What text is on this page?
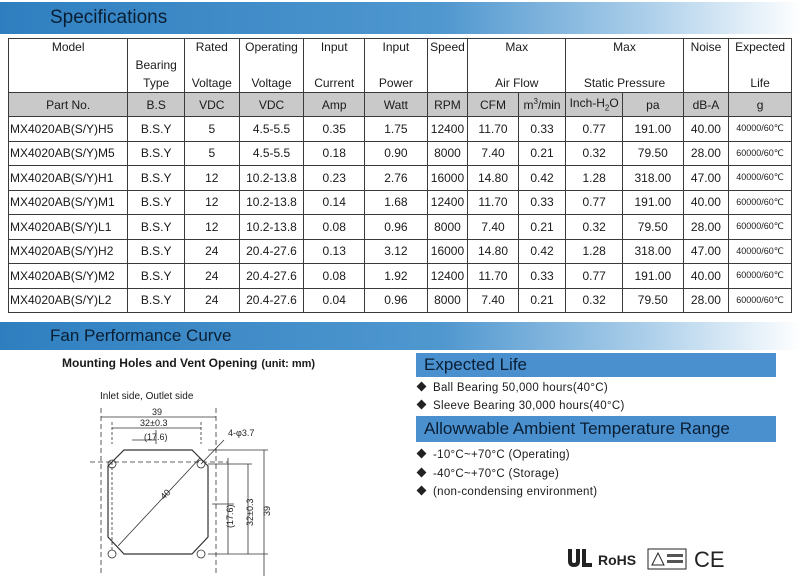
Specifications
Model		Rated	Operating	Input	Input	Speed	Max		Max		Noise	Expected
	Bearing											
	Type	Voltage	Voltage	Current	Power		Air Flow		Static Pressure			Life
Part No.	B.S	VDC	VDC	Amp	Watt	RPM	CFM	$m^3/\min$	Inch-$H_2O$	pa	dB-A	g
MX4020AB(S/Y)H5	B.S.Y	5	4.5-5.5	0.35	1.75	12400	11.70	0.33	0.77	191.00	40.00	40000/60℃
MX4020AB(S/Y)M5	B.S.Y	5	4.5-5.5	0.18	0.90	8000	7.40	0.21	0.32	79.50	28.00	60000/60℃
MX4020AB(S/Y)H1	B.S.Y	12	10.2-13.8	0.23	2.76	16000	14.80	0.42	1.28	318.00	47.00	40000/60℃
MX4020AB(S/Y)M1	B.S.Y	12	10.2-13.8	0.14	1.68	12400	11.70	0.33	0.77	191.00	40.00	60000/60℃
MX4020AB(S/Y)L1	B.S.Y	12	10.2-13.8	0.08	0.96	8000	7.40	0.21	0.32	79.50	28.00	60000/60℃
MX4020AB(S/Y)H2	B.S.Y	24	20.4-27.6	0.13	3.12	16000	14.80	0.42	1.28	318.00	47.00	40000/60℃
MX4020AB(S/Y)M2	B.S.Y	24	20.4-27.6	0.08	1.92	12400	11.70	0.33	0.77	191.00	40.00	60000/60℃
MX4020AB(S/Y)L2	B.S.Y	24	20.4-27.6	0.04	0.96	8000	7.40	0.21	0.32	79.50	28.00	60000/60℃
Fan Performance Curve
Mounting Holes and Vent Opening (unit: mm)
Inlet side, Outlet side
39
32±0.3
(17.6)	4-φ3.7
40
(17.6) 32±0.3 39
Expected Life
Ball Bearing 50,000 hours(40°C)
Sleeve Bearing 30,000 hours(40°C)
Allowwable Ambient Temperature Range
-10°C~+70°C (Operating)
-40°C~+70°C (Storage)
(non-condensing environment)
RoHS	CE
